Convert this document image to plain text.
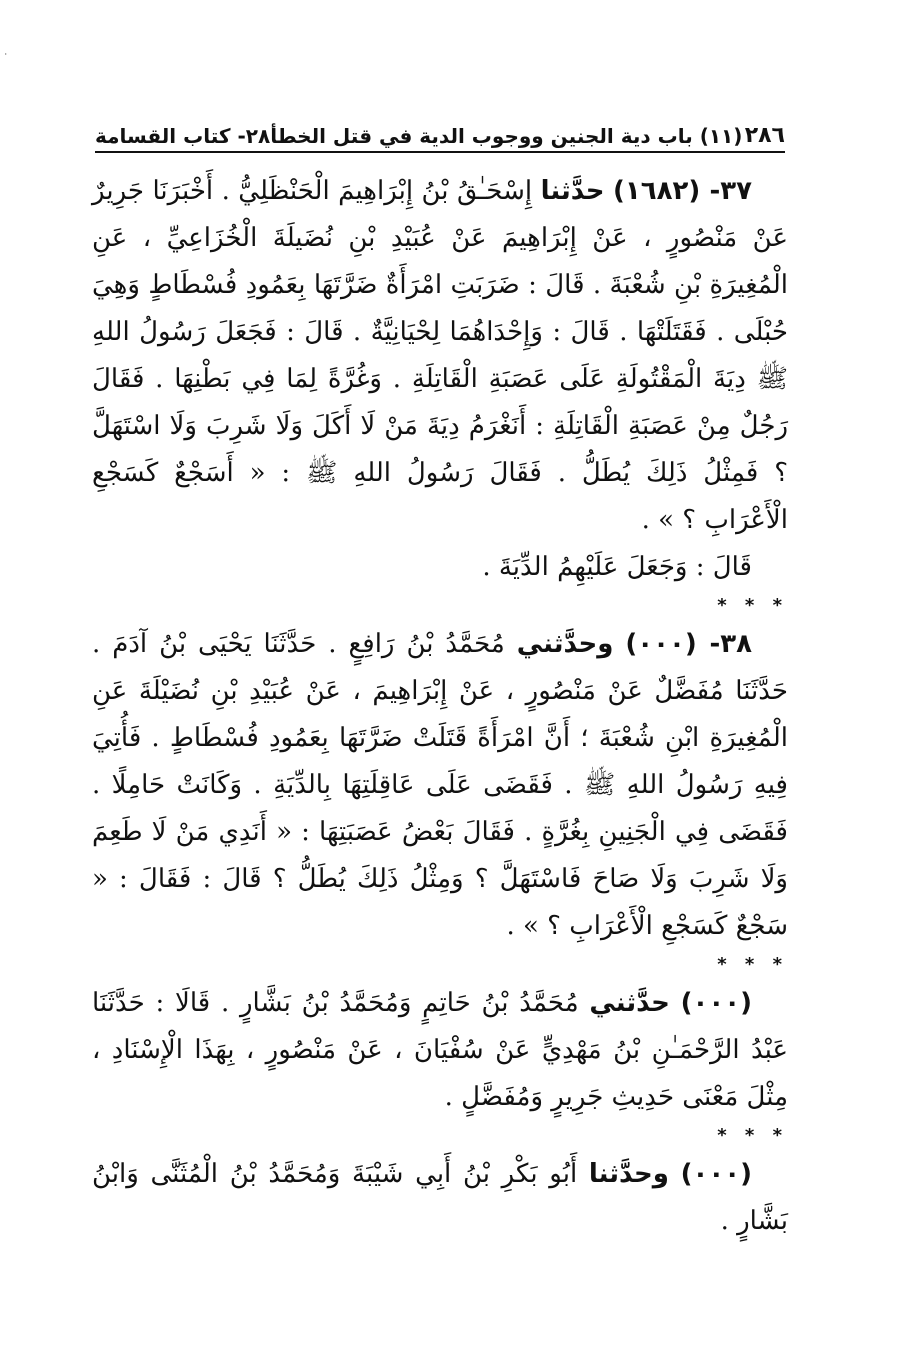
·
٢٨٦
(١١) باب دية الجنين ووجوب الدية في قتل الخطأ٢٨- كتاب القسامة

٣٧- (١٦٨٢) حدَّثنا إِسْحَـٰقُ بْنُ إِبْرَاهِيمَ الْحَنْظَلِيُّ . أَخْبَرَنَا جَرِيرٌ عَنْ مَنْصُورٍ ، عَنْ إِبْرَاهِيمَ عَنْ عُبَيْدِ بْنِ نُضَيلَةَ الْخُزَاعِيِّ ، عَنِ الْمُغِيرَةِ بْنِ شُعْبَةَ . قَالَ : ضَرَبَتِ امْرَأَةٌ ضَرَّتَهَا بِعَمُودِ فُسْطَاطٍ وَهِيَ حُبْلَى . فَقَتَلَتْهَا . قَالَ : وَإِحْدَاهُمَا لِحْيَانِيَّةٌ . قَالَ : فَجَعَلَ رَسُولُ اللهِ ﷺ دِيَةَ الْمَقْتُولَةِ عَلَى عَصَبَةِ الْقَاتِلَةِ . وَغُرَّةً لِمَا فِي بَطْنِهَا . فَقَالَ رَجُلٌ مِنْ عَصَبَةِ الْقَاتِلَةِ : أَنَغْرَمُ دِيَةَ مَنْ لَا أَكَلَ وَلَا شَرِبَ وَلَا اسْتَهَلَّ ؟ فَمِثْلُ ذَلِكَ يُطَلُّ . فَقَالَ رَسُولُ اللهِ ﷺ : « أَسَجْعٌ كَسَجْعِ الْأَعْرَابِ ؟ » .

قَالَ : وَجَعَلَ عَلَيْهِمُ الدِّيَةَ .

* * *

٣٨- (٠٠٠) وحدَّثني مُحَمَّدُ بْنُ رَافِعٍ . حَدَّثَنَا يَحْيَى بْنُ آدَمَ . حَدَّثَنَا مُفَضَّلٌ عَنْ مَنْصُورٍ ، عَنْ إِبْرَاهِيمَ ، عَنْ عُبَيْدِ بْنِ نُضَيْلَةَ عَنِ الْمُغِيرَةِ ابْنِ شُعْبَةَ ؛ أَنَّ امْرَأَةً قَتَلَتْ ضَرَّتَهَا بِعَمُودِ فُسْطَاطٍ . فَأُتِيَ فِيهِ رَسُولُ اللهِ ﷺ . فَقَضَى عَلَى عَاقِلَتِهَا بِالدِّيَةِ . وَكَانَتْ حَامِلًا . فَقَضَى فِي الْجَنِينِ بِغُرَّةٍ . فَقَالَ بَعْضُ عَصَبَتِهَا : « أَنَدِي مَنْ لَا طَعِمَ وَلَا شَرِبَ وَلَا صَاحَ فَاسْتَهَلَّ ؟ وَمِثْلُ ذَلِكَ يُطَلُّ ؟ قَالَ : فَقَالَ : « سَجْعٌ كَسَجْعِ الْأَعْرَابِ ؟ » .

* * *

(٠٠٠) حدَّثني مُحَمَّدُ بْنُ حَاتِمٍ وَمُحَمَّدُ بْنُ بَشَّارٍ . قَالَا : حَدَّثَنَا عَبْدُ الرَّحْمَـٰنِ بْنُ مَهْدِيٍّ عَنْ سُفْيَانَ ، عَنْ مَنْصُورٍ ، بِهَذَا الْإِسْنَادِ ، مِثْلَ مَعْنَى حَدِيثِ جَرِيرٍ وَمُفَضَّلٍ .

* * *

(٠٠٠) وحدَّثنا أَبُو بَكْرِ بْنُ أَبِي شَيْبَةَ وَمُحَمَّدُ بْنُ الْمُثَنَّى وَابْنُ بَشَّارٍ .
